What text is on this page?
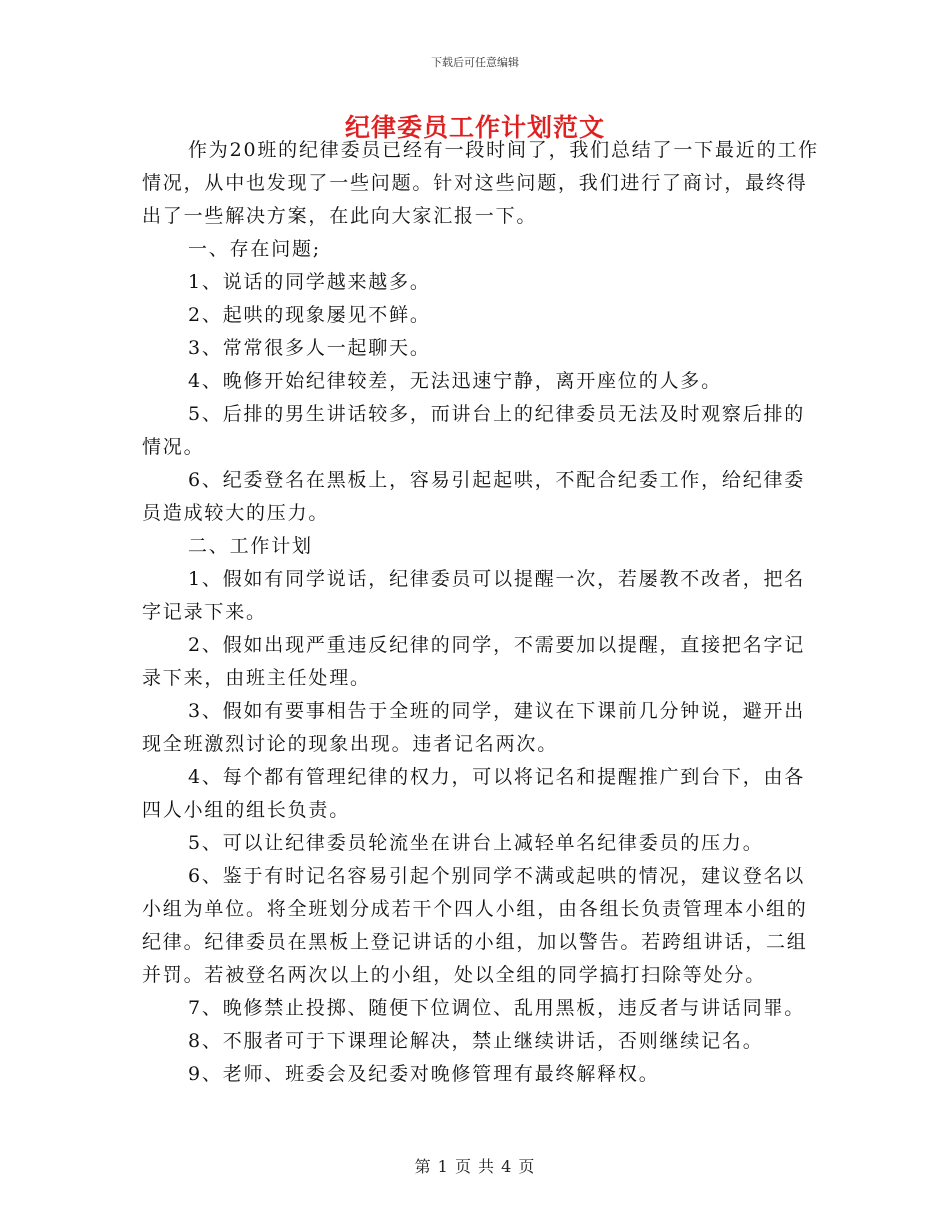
下载后可任意编辑
纪律委员工作计划范文

作为20班的纪律委员已经有一段时间了，我们总结了一下最近的工作情况，从中也发现了一些问题。针对这些问题，我们进行了商讨，最终得出了一些解决方案，在此向大家汇报一下。

一、存在问题;

1、说话的同学越来越多。

2、起哄的现象屡见不鲜。

3、常常很多人一起聊天。

4、晚修开始纪律较差，无法迅速宁静，离开座位的人多。

5、后排的男生讲话较多，而讲台上的纪律委员无法及时观察后排的情况。

6、纪委登名在黑板上，容易引起起哄，不配合纪委工作，给纪律委员造成较大的压力。

二、工作计划

1、假如有同学说话，纪律委员可以提醒一次，若屡教不改者，把名字记录下来。

2、假如出现严重违反纪律的同学，不需要加以提醒，直接把名字记录下来，由班主任处理。

3、假如有要事相告于全班的同学，建议在下课前几分钟说，避开出现全班激烈讨论的现象出现。违者记名两次。

4、每个都有管理纪律的权力，可以将记名和提醒推广到台下，由各四人小组的组长负责。

5、可以让纪律委员轮流坐在讲台上减轻单名纪律委员的压力。

6、鉴于有时记名容易引起个别同学不满或起哄的情况，建议登名以小组为单位。将全班划分成若干个四人小组，由各组长负责管理本小组的纪律。纪律委员在黑板上登记讲话的小组，加以警告。若跨组讲话，二组并罚。若被登名两次以上的小组，处以全组的同学搞打扫除等处分。

7、晚修禁止投掷、随便下位调位、乱用黑板，违反者与讲话同罪。

8、不服者可于下课理论解决，禁止继续讲话，否则继续记名。

9、老师、班委会及纪委对晚修管理有最终解释权。

第 1 页 共 4 页
